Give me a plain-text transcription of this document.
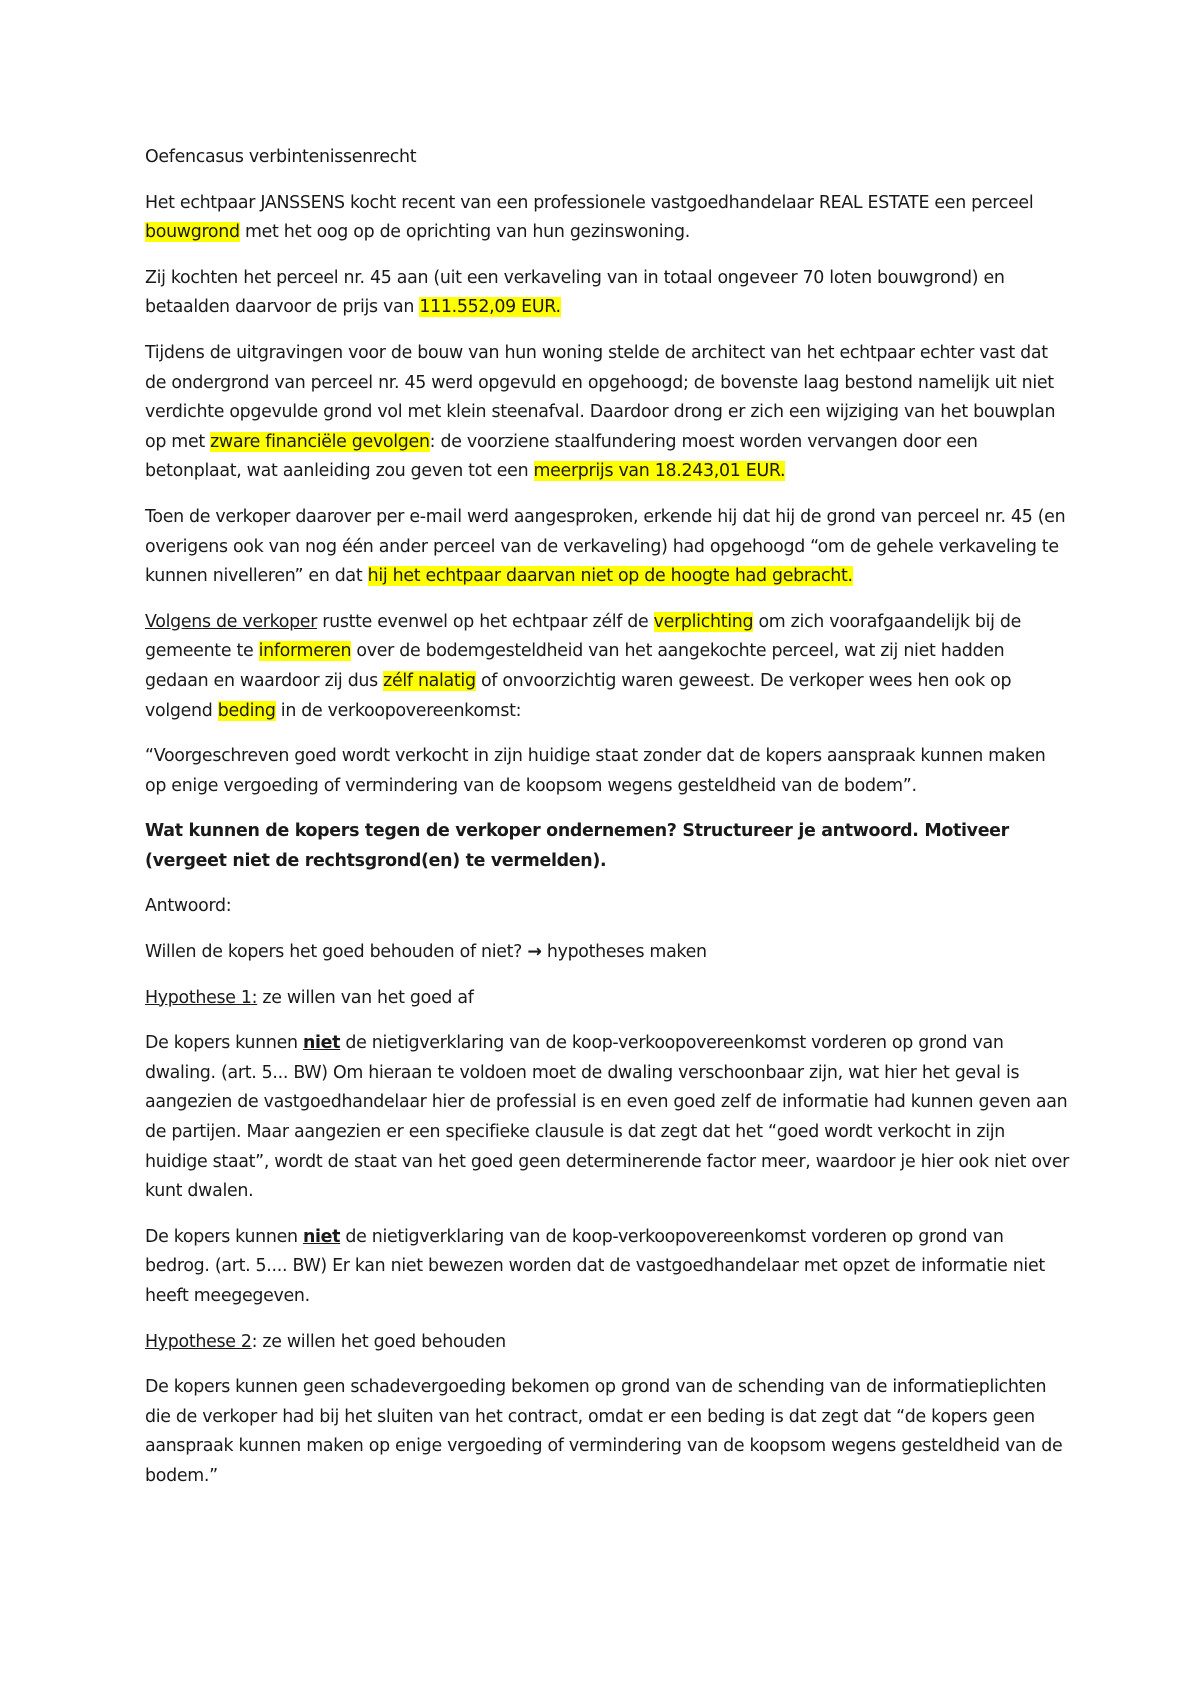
Oefencasus verbintenissenrecht

Het echtpaar JANSSENS kocht recent van een professionele vastgoedhandelaar REAL ESTATE een perceel bouwgrond met het oog op de oprichting van hun gezinswoning.

Zij kochten het perceel nr. 45 aan (uit een verkaveling van in totaal ongeveer 70 loten bouwgrond) en betaalden daarvoor de prijs van 111.552,09 EUR.

Tijdens de uitgravingen voor de bouw van hun woning stelde de architect van het echtpaar echter vast dat de ondergrond van perceel nr. 45 werd opgevuld en opgehoogd; de bovenste laag bestond namelijk uit niet verdichte opgevulde grond vol met klein steenafval. Daardoor drong er zich een wijziging van het bouwplan op met zware financiële gevolgen: de voorziene staalfundering moest worden vervangen door een betonplaat, wat aanleiding zou geven tot een meerprijs van 18.243,01 EUR.

Toen de verkoper daarover per e-mail werd aangesproken, erkende hij dat hij de grond van perceel nr. 45 (en overigens ook van nog één ander perceel van de verkaveling) had opgehoogd “om de gehele verkaveling te kunnen nivelleren” en dat hij het echtpaar daarvan niet op de hoogte had gebracht.

Volgens de verkoper rustte evenwel op het echtpaar zélf de verplichting om zich voorafgaandelijk bij de gemeente te informeren over de bodemgesteldheid van het aangekochte perceel, wat zij niet hadden gedaan en waardoor zij dus zélf nalatig of onvoorzichtig waren geweest. De verkoper wees hen ook op volgend beding in de verkoopovereenkomst:

“Voorgeschreven goed wordt verkocht in zijn huidige staat zonder dat de kopers aanspraak kunnen maken op enige vergoeding of vermindering van de koopsom wegens gesteldheid van de bodem”.

Wat kunnen de kopers tegen de verkoper ondernemen? Structureer je antwoord. Motiveer (vergeet niet de rechtsgrond(en) te vermelden).

Antwoord:

Willen de kopers het goed behouden of niet? → hypotheses maken

Hypothese 1: ze willen van het goed af

De kopers kunnen niet de nietigverklaring van de koop-verkoopovereenkomst vorderen op grond van dwaling. (art. 5... BW) Om hieraan te voldoen moet de dwaling verschoonbaar zijn, wat hier het geval is aangezien de vastgoedhandelaar hier de professial is en even goed zelf de informatie had kunnen geven aan de partijen. Maar aangezien er een specifieke clausule is dat zegt dat het “goed wordt verkocht in zijn huidige staat”, wordt de staat van het goed geen determinerende factor meer, waardoor je hier ook niet over kunt dwalen.

De kopers kunnen niet de nietigverklaring van de koop-verkoopovereenkomst vorderen op grond van bedrog. (art. 5.... BW) Er kan niet bewezen worden dat de vastgoedhandelaar met opzet de informatie niet heeft meegegeven.

Hypothese 2: ze willen het goed behouden

De kopers kunnen geen schadevergoeding bekomen op grond van de schending van de informatieplichten die de verkoper had bij het sluiten van het contract, omdat er een beding is dat zegt dat “de kopers geen aanspraak kunnen maken op enige vergoeding of vermindering van de koopsom wegens gesteldheid van de bodem.”
